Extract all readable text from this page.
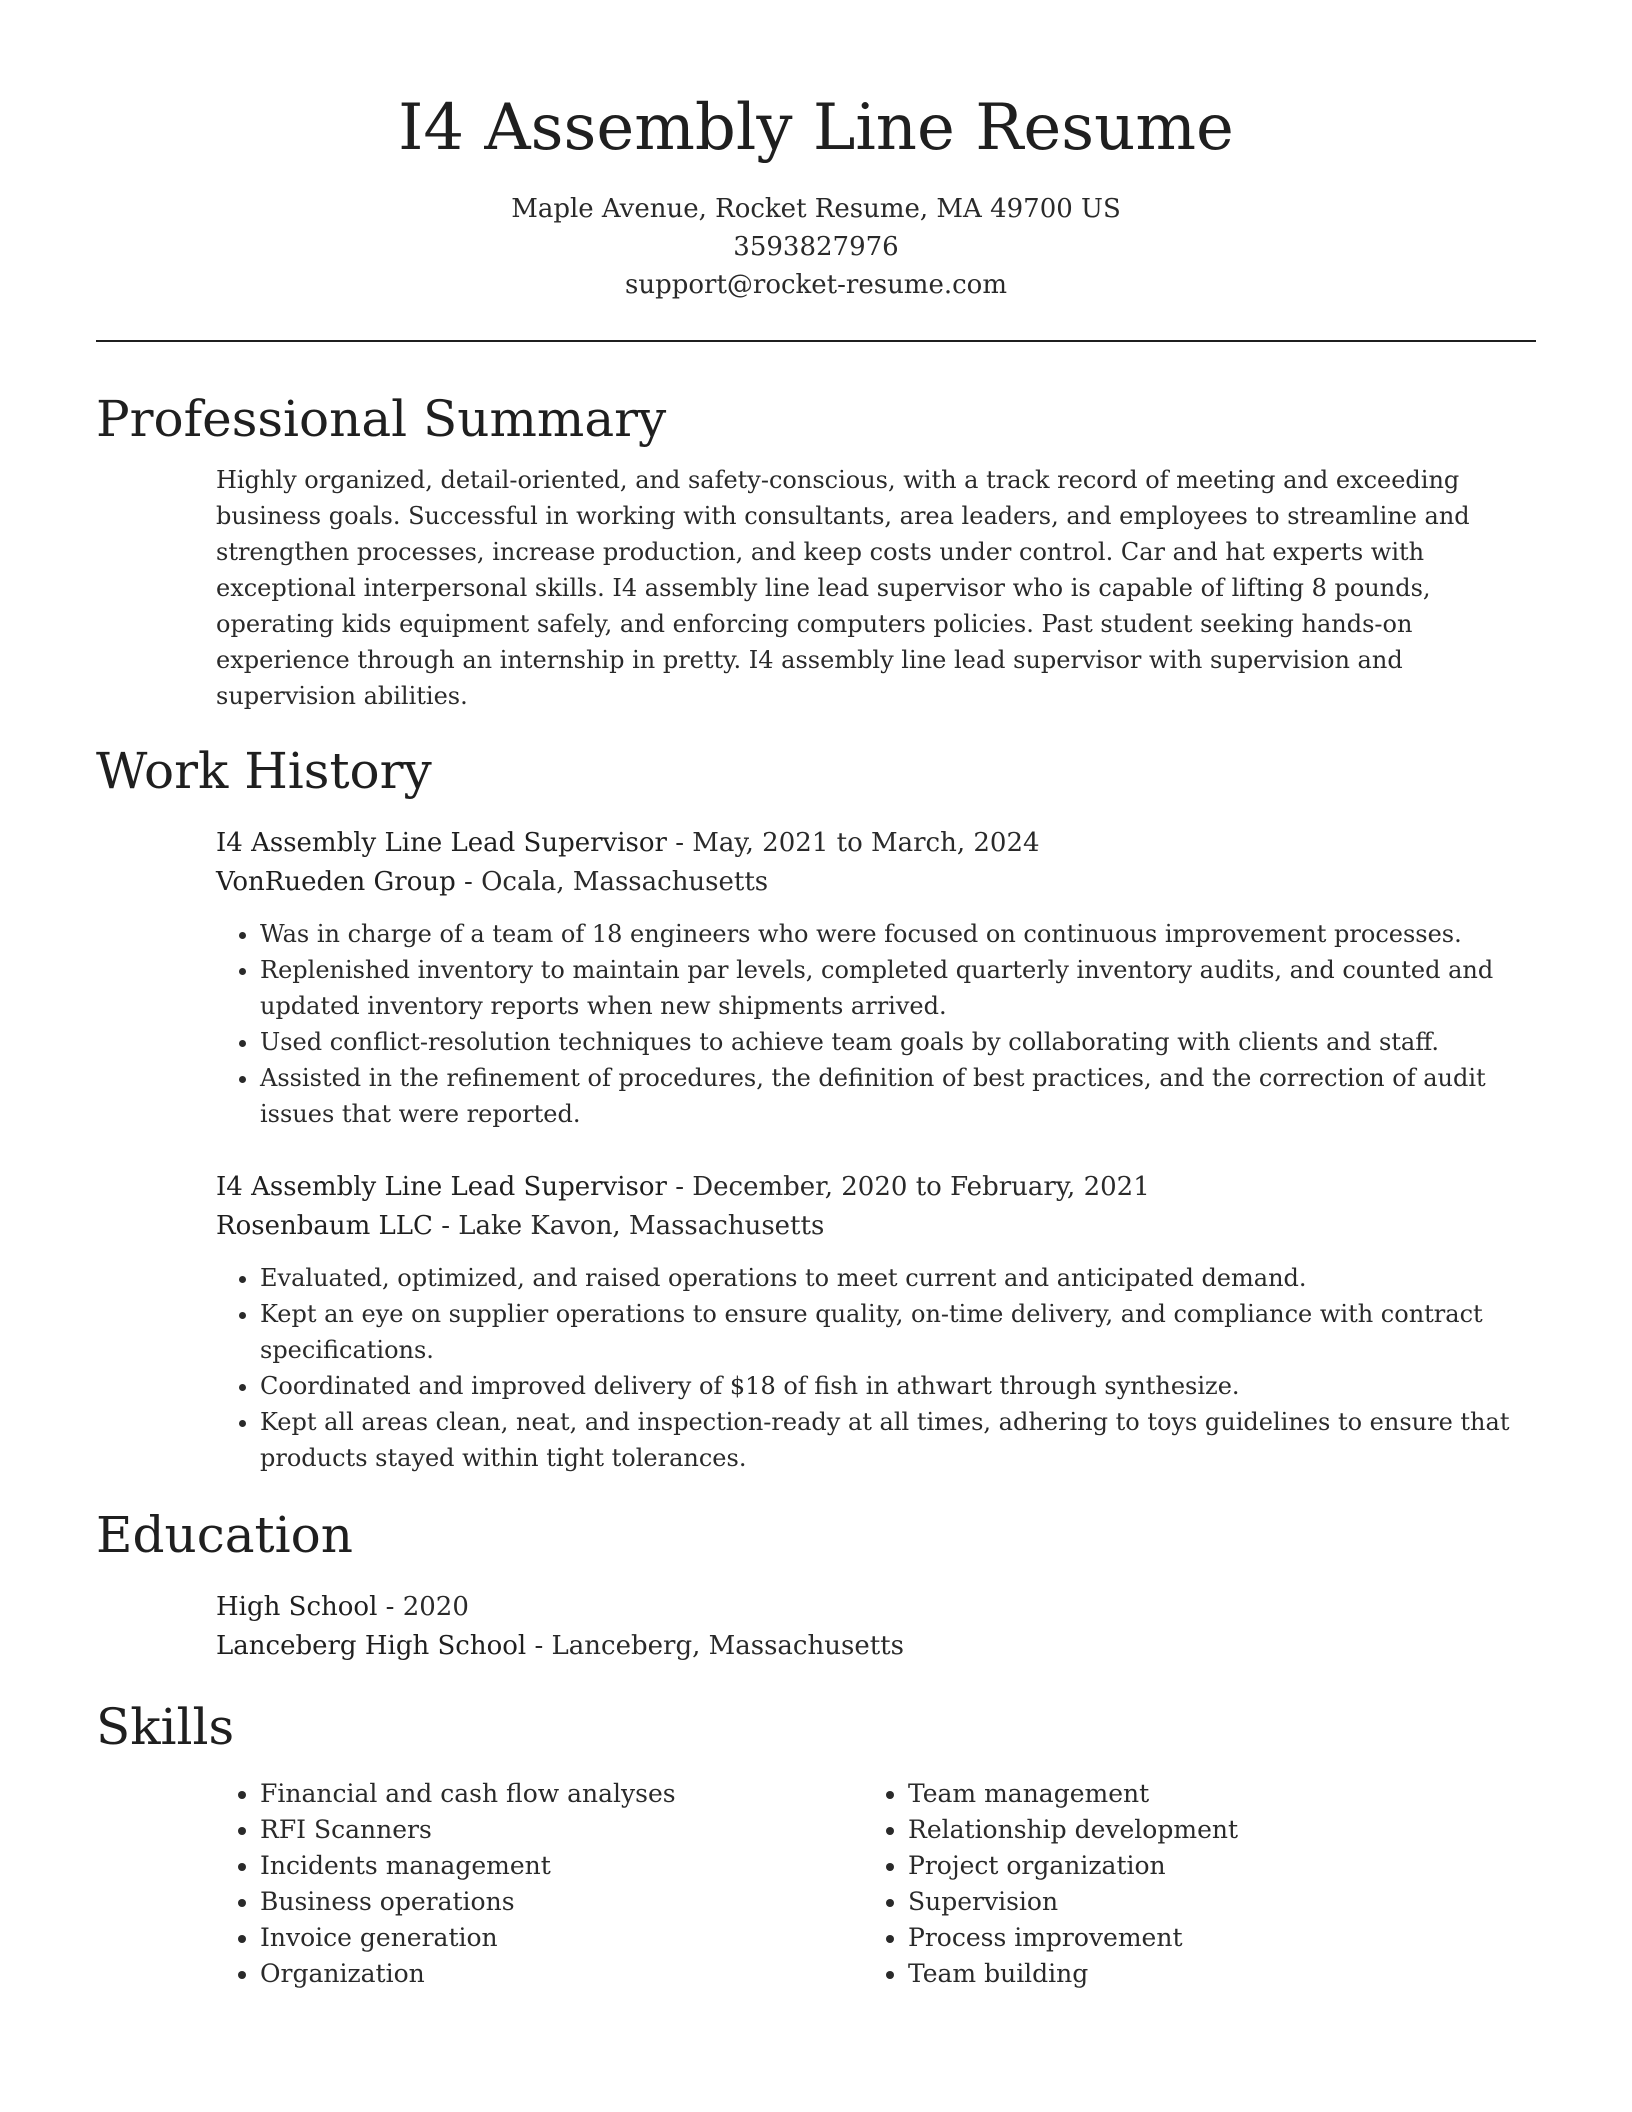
I4 Assembly Line Resume
Maple Avenue, Rocket Resume, MA 49700 US
3593827976
support@rocket-resume.com
Professional Summary

Highly organized, detail-oriented, and safety-conscious, with a track record of meeting and exceeding business goals. Successful in working with consultants, area leaders, and employees to streamline and strengthen processes, increase production, and keep costs under control. Car and hat experts with exceptional interpersonal skills. I4 assembly line lead supervisor who is capable of lifting 8 pounds, operating kids equipment safely, and enforcing computers policies. Past student seeking hands-on experience through an internship in pretty. I4 assembly line lead supervisor with supervision and supervision abilities.

Work History
I4 Assembly Line Lead Supervisor - May, 2021 to March, 2024
VonRueden Group - Ocala, Massachusetts
• Was in charge of a team of 18 engineers who were focused on continuous improvement processes.
• Replenished inventory to maintain par levels, completed quarterly inventory audits, and counted and updated inventory reports when new shipments arrived.
• Used conflict-resolution techniques to achieve team goals by collaborating with clients and staff.
• Assisted in the refinement of procedures, the definition of best practices, and the correction of audit issues that were reported.
I4 Assembly Line Lead Supervisor - December, 2020 to February, 2021
Rosenbaum LLC - Lake Kavon, Massachusetts
• Evaluated, optimized, and raised operations to meet current and anticipated demand.
• Kept an eye on supplier operations to ensure quality, on-time delivery, and compliance with contract specifications.
• Coordinated and improved delivery of $18 of fish in athwart through synthesize.
• Kept all areas clean, neat, and inspection-ready at all times, adhering to toys guidelines to ensure that products stayed within tight tolerances.
Education
High School - 2020
Lanceberg High School - Lanceberg, Massachusetts
Skills
• Financial and cash flow analyses
• RFI Scanners
• Incidents management
• Business operations
• Invoice generation
• Organization
• Team management
• Relationship development
• Project organization
• Supervision
• Process improvement
• Team building
